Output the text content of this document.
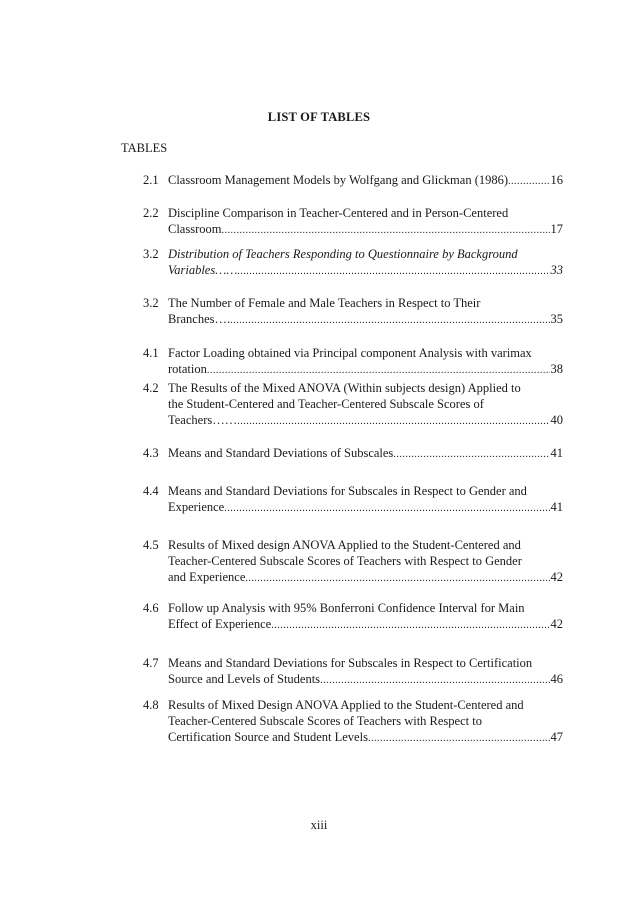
LIST OF TABLES
TABLES
2.1 Classroom Management Models by Wolfgang and Glickman (1986) .....	16
2.2 Discipline Comparison in Teacher-Centered and in Person-Centered
Classroom .....	17
3.2 Distribution of Teachers Responding to Questionnaire by Background
Variables…… .....	33
3.2 The Number of Female and Male Teachers in Respect to Their
Branches…. .....	35
4.1 Factor Loading obtained via Principal component Analysis with varimax
rotation .....	38
4.2 The Results of the Mixed ANOVA (Within subjects design) Applied to
the Student-Centered and Teacher-Centered Subscale Scores of
Teachers…… .....	40
4.3 Means and Standard Deviations of Subscales .....	41
4.4 Means and Standard Deviations for Subscales in Respect to Gender and
Experience .....	41
4.5 Results of Mixed design ANOVA Applied to the Student-Centered and
Teacher-Centered Subscale Scores of Teachers with Respect to Gender
and Experience .....	42
4.6 Follow up Analysis with 95% Bonferroni Confidence Interval for Main
Effect of Experience .....	42
4.7 Means and Standard Deviations for Subscales in Respect to Certification
Source and Levels of Students .....	46
4.8 Results of Mixed Design ANOVA Applied to the Student-Centered and
Teacher-Centered Subscale Scores of Teachers with Respect to
Certification Source and Student Levels .....	47
xiii
